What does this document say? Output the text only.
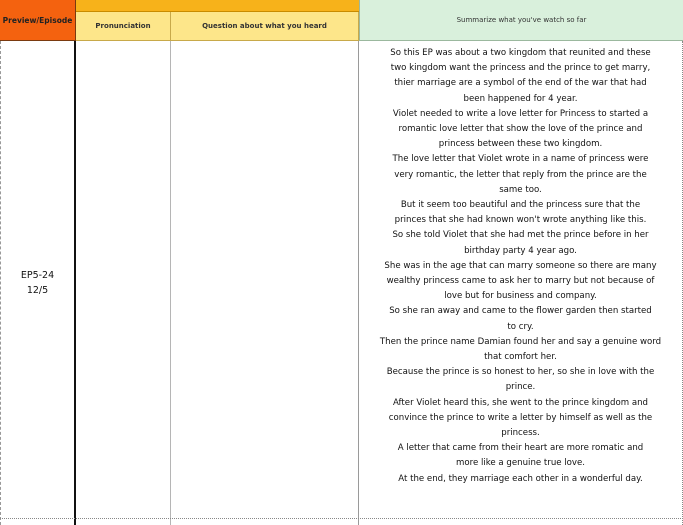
Preview/Episode
Pronunciation	Question about what you heard
Summarize what you've watch so far
EP5-24
12/5

So this EP was about a two kingdom that reunited and these

two kingdom want the princess and the prince to get marry,

thier marriage are a symbol of the end of the war that had

been happened for 4 year.

Violet needed to write a love letter for Princess to started a

romantic love letter that show the love of the prince and

princess between these two kingdom.

The love letter that Violet wrote in a name of princess were

very romantic, the letter that reply from the prince are the

same too.

But it seem too beautiful and the princess sure that the

princes that she had known won't wrote anything like this.

So she told Violet that she had met the prince before in her

birthday party 4 year ago.

She was in the age that can marry someone so there are many

wealthy princess came to ask her to marry but not because of

love but for business and company.

So she ran away and came to the flower garden then started

to cry.

Then the prince name Damian found her and say a genuine word

that comfort her.

Because the prince is so honest to her, so she in love with the

prince.

After Violet heard this, she went to the prince kingdom and

convince the prince to write a letter by himself as well as the

princess.

A letter that came from their heart are more romatic and

more like a genuine true love.

At the end, they marriage each other in a wonderful day.
